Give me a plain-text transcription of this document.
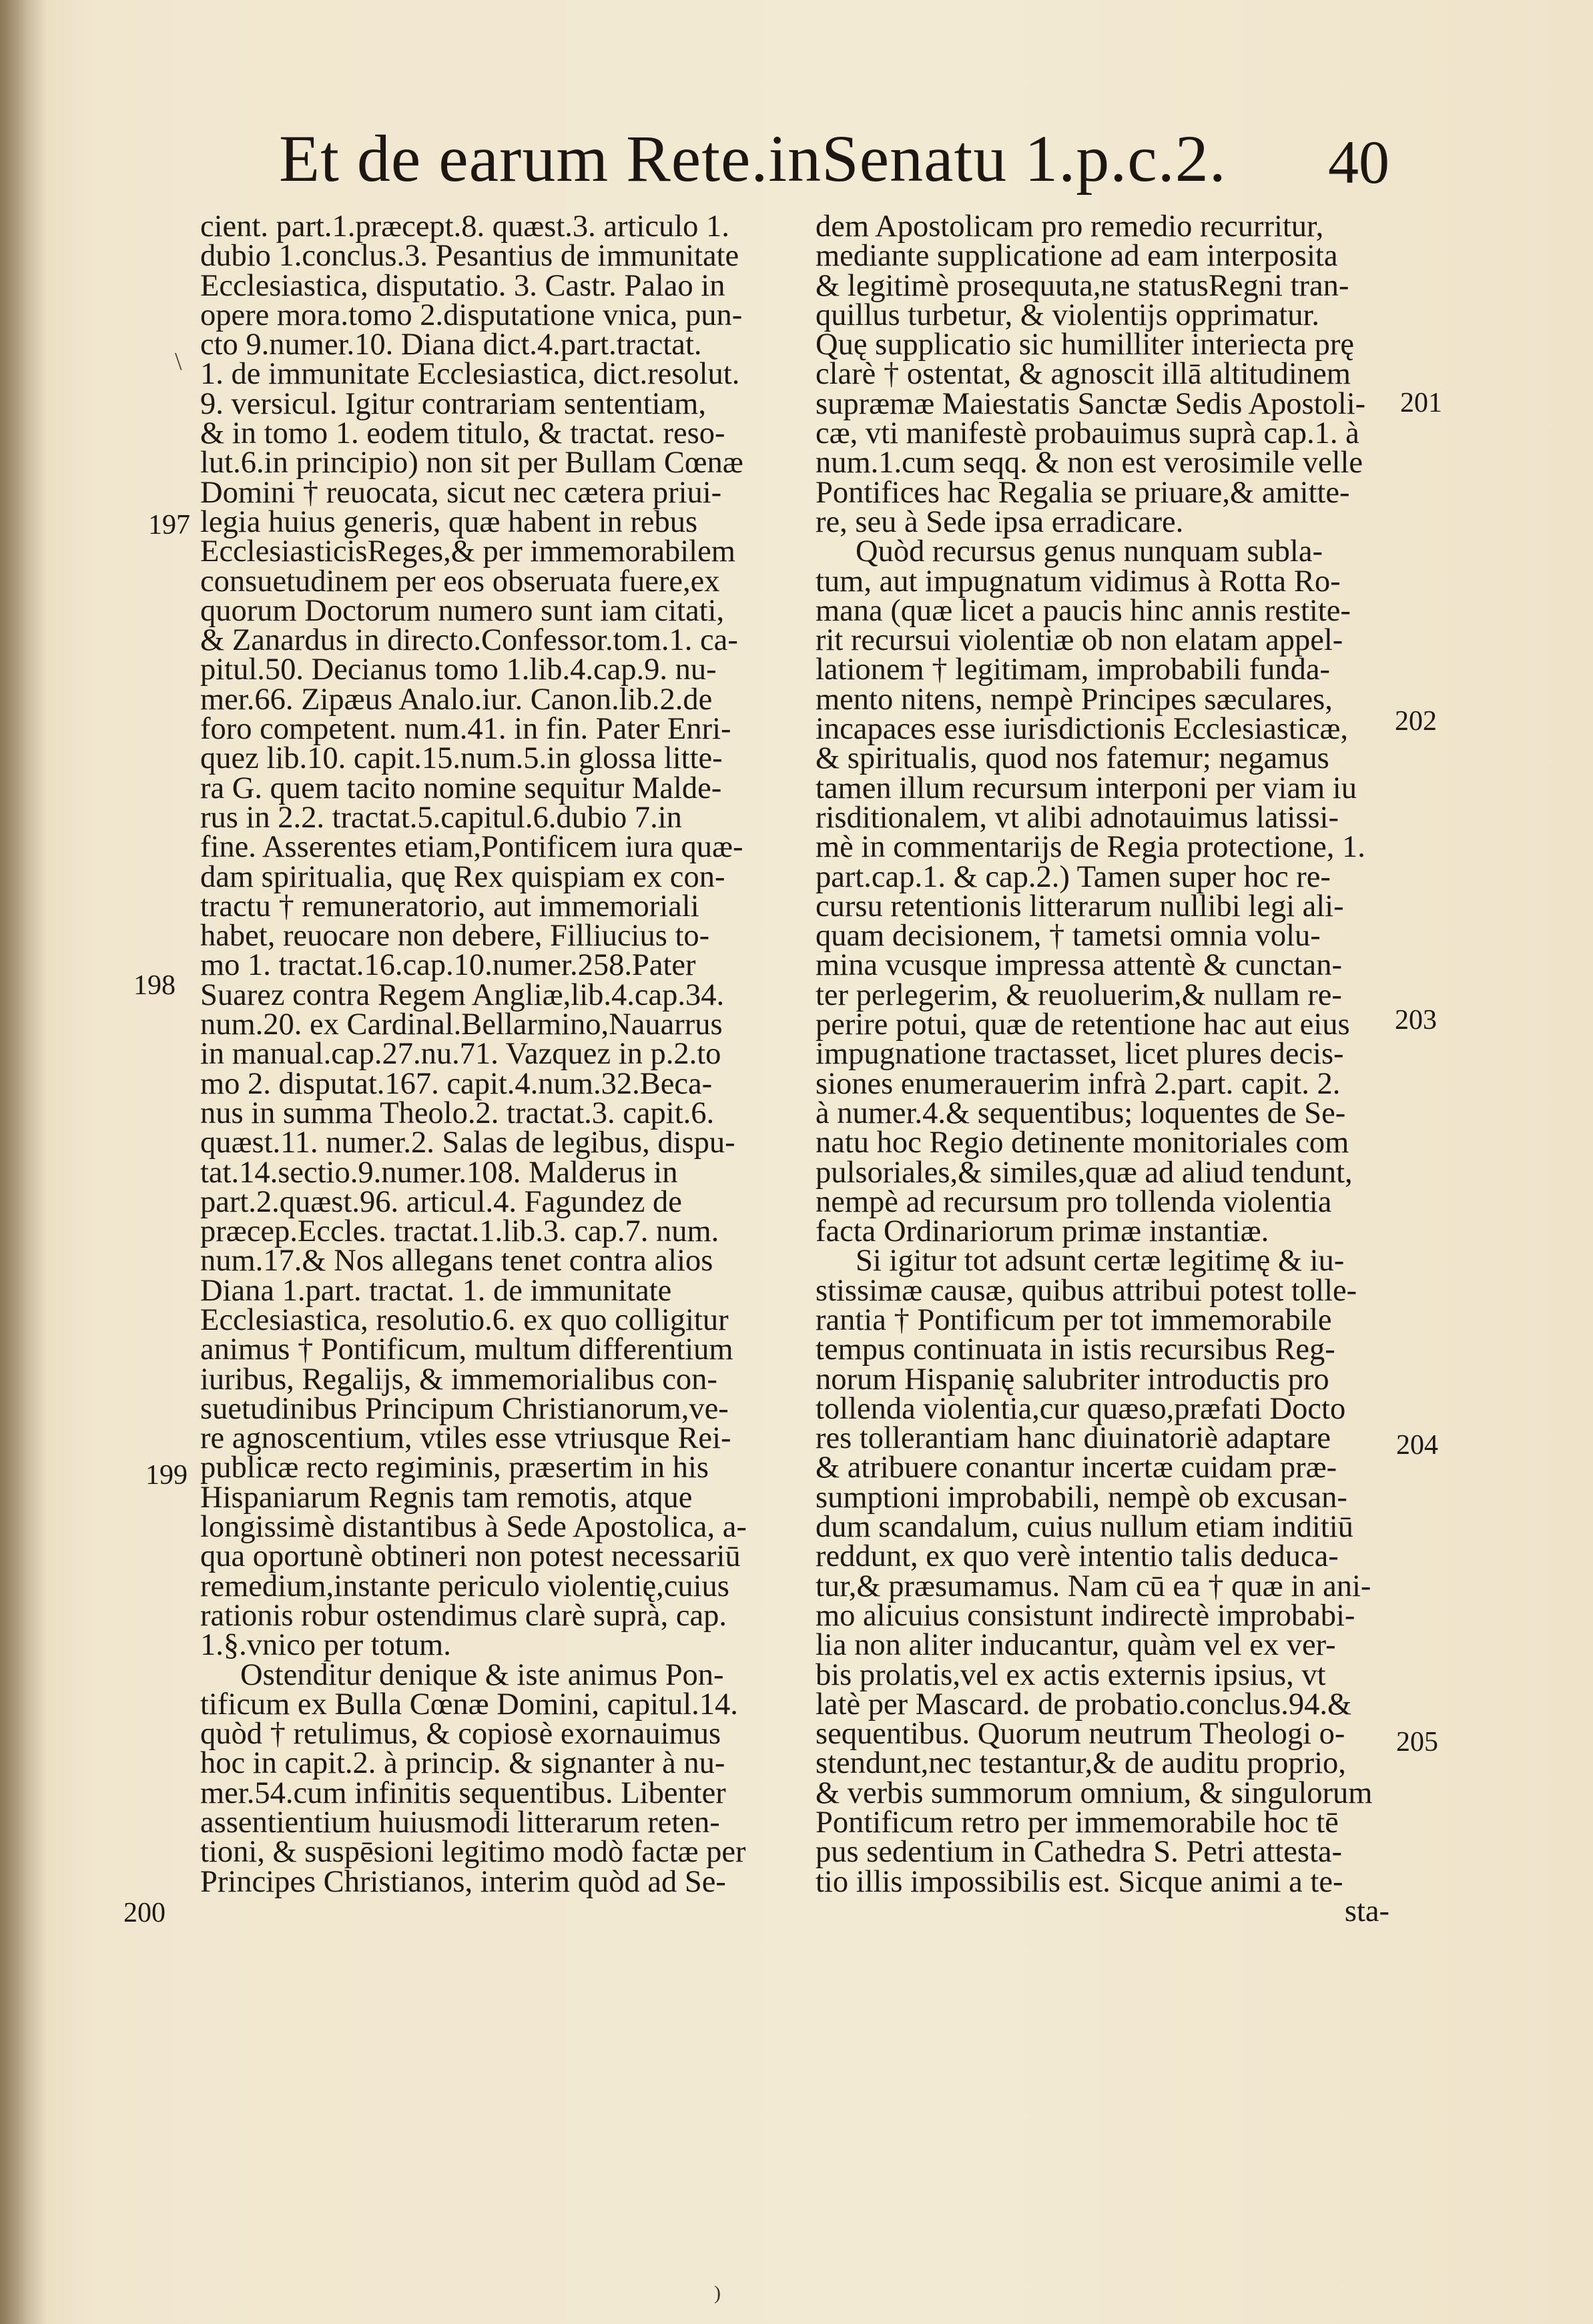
Et de earum Rete.inSenatu 1.p.c.2. 40
cient. part.1.præcept.8. quæst.3. articulo 1.
dubio 1.conclus.3. Pesantius de immunitate
Ecclesiastica, disputatio. 3. Castr. Palao in
opere mora.tomo 2.disputatione vnica, pun-
cto 9.numer.10. Diana dict.4.part.tractat.
1. de immunitate Ecclesiastica, dict.resolut.
9. versicul. Igitur contrariam sententiam,
& in tomo 1. eodem titulo, & tractat. reso-
lut.6.in principio) non sit per Bullam Cœnæ
Domini † reuocata, sicut nec cætera priui-
legia huius generis, quæ habent in rebus
EcclesiasticisReges,& per immemorabilem
consuetudinem per eos obseruata fuere,ex
quorum Doctorum numero sunt iam citati,
& Zanardus in directo.Confessor.tom.1. ca-
pitul.50. Decianus tomo 1.lib.4.cap.9. nu-
mer.66. Zipæus Analo.iur. Canon.lib.2.de
foro competent. num.41. in fin. Pater Enri-
quez lib.10. capit.15.num.5.in glossa litte-
ra G. quem tacito nomine sequitur Malde-
rus in 2.2. tractat.5.capitul.6.dubio 7.in
fine. Asserentes etiam,Pontificem iura quæ-
dam spiritualia, quę Rex quispiam ex con-
tractu † remuneratorio, aut immemoriali
habet, reuocare non debere, Filliucius to-
mo 1. tractat.16.cap.10.numer.258.Pater
Suarez contra Regem Angliæ,lib.4.cap.34.
num.20. ex Cardinal.Bellarmino,Nauarrus
in manual.cap.27.nu.71. Vazquez in p.2.to
mo 2. disputat.167. capit.4.num.32.Beca-
nus in summa Theolo.2. tractat.3. capit.6.
quæst.11. numer.2. Salas de legibus, dispu-
tat.14.sectio.9.numer.108. Malderus in
part.2.quæst.96. articul.4. Fagundez de
præcep.Eccles. tractat.1.lib.3. cap.7. num.
num.17.& Nos allegans tenet contra alios
Diana 1.part. tractat. 1. de immunitate
Ecclesiastica, resolutio.6. ex quo colligitur
animus † Pontificum, multum differentium
iuribus, Regalijs, & immemorialibus con-
suetudinibus Principum Christianorum,ve-
re agnoscentium, vtiles esse vtriusque Rei-
publicæ recto regiminis, præsertim in his
Hispaniarum Regnis tam remotis, atque
longissimè distantibus à Sede Apostolica, a-
qua oportunè obtineri non potest necessariū
remedium,instante periculo violentię,cuius
rationis robur ostendimus clarè suprà, cap.
1.§.vnico per totum.
Ostenditur denique & iste animus Pon-
tificum ex Bulla Cœnæ Domini, capitul.14.
quòd † retulimus, & copiosè exornauimus
hoc in capit.2. à princip. & signanter à nu-
mer.54.cum infinitis sequentibus. Libenter
assentientium huiusmodi litterarum reten-
tioni, & suspēsioni legitimo modò factæ per
Principes Christianos, interim quòd ad Se-
dem Apostolicam pro remedio recurritur,
mediante supplicatione ad eam interposita
& legitimè prosequuta,ne statusRegni tran-
quillus turbetur, & violentijs opprimatur.
Quę supplicatio sic humilliter interiecta prę
clarè † ostentat, & agnoscit illā altitudinem
supræmæ Maiestatis Sanctæ Sedis Apostoli-
cæ, vti manifestè probauimus suprà cap.1. à
num.1.cum seqq. & non est verosimile velle
Pontifices hac Regalia se priuare,& amitte-
re, seu à Sede ipsa erradicare.
Quòd recursus genus nunquam subla-
tum, aut impugnatum vidimus à Rotta Ro-
mana (quæ licet a paucis hinc annis restite-
rit recursui violentiæ ob non elatam appel-
lationem † legitimam, improbabili funda-
mento nitens, nempè Principes sæculares,
incapaces esse iurisdictionis Ecclesiasticæ,
& spiritualis, quod nos fatemur; negamus
tamen illum recursum interponi per viam iu
risditionalem, vt alibi adnotauimus latissi-
mè in commentarijs de Regia protectione, 1.
part.cap.1. & cap.2.) Tamen super hoc re-
cursu retentionis litterarum nullibi legi ali-
quam decisionem, † tametsi omnia volu-
mina vcusque impressa attentè & cunctan-
ter perlegerim, & reuoluerim,& nullam re-
perire potui, quæ de retentione hac aut eius
impugnatione tractasset, licet plures decis-
siones enumerauerim infrà 2.part. capit. 2.
à numer.4.& sequentibus; loquentes de Se-
natu hoc Regio detinente monitoriales com
pulsoriales,& similes,quæ ad aliud tendunt,
nempè ad recursum pro tollenda violentia
facta Ordinariorum primæ instantiæ.
Si igitur tot adsunt certæ legitimę & iu-
stissimæ causæ, quibus attribui potest tolle-
rantia † Pontificum per tot immemorabile
tempus continuata in istis recursibus Reg-
norum Hispanię salubriter introductis pro
tollenda violentia,cur quæso,præfati Docto
res tollerantiam hanc diuinatoriè adaptare
& atribuere conantur incertæ cuidam præ-
sumptioni improbabili, nempè ob excusan-
dum scandalum, cuius nullum etiam inditiū
reddunt, ex quo verè intentio talis deduca-
tur,& præsumamus. Nam cū ea † quæ in ani-
mo alicuius consistunt indirectè improbabi-
lia non aliter inducantur, quàm vel ex ver-
bis prolatis,vel ex actis externis ipsius, vt
latè per Mascard. de probatio.conclus.94.&
sequentibus. Quorum neutrum Theologi o-
stendunt,nec testantur,& de auditu proprio,
& verbis summorum omnium, & singulorum
Pontificum retro per immemorabile hoc tē
pus sedentium in Cathedra S. Petri attesta-
tio illis impossibilis est. Sicque animi a te-
sta-
197
198
199
200
201
202
203
204
205
\
)
